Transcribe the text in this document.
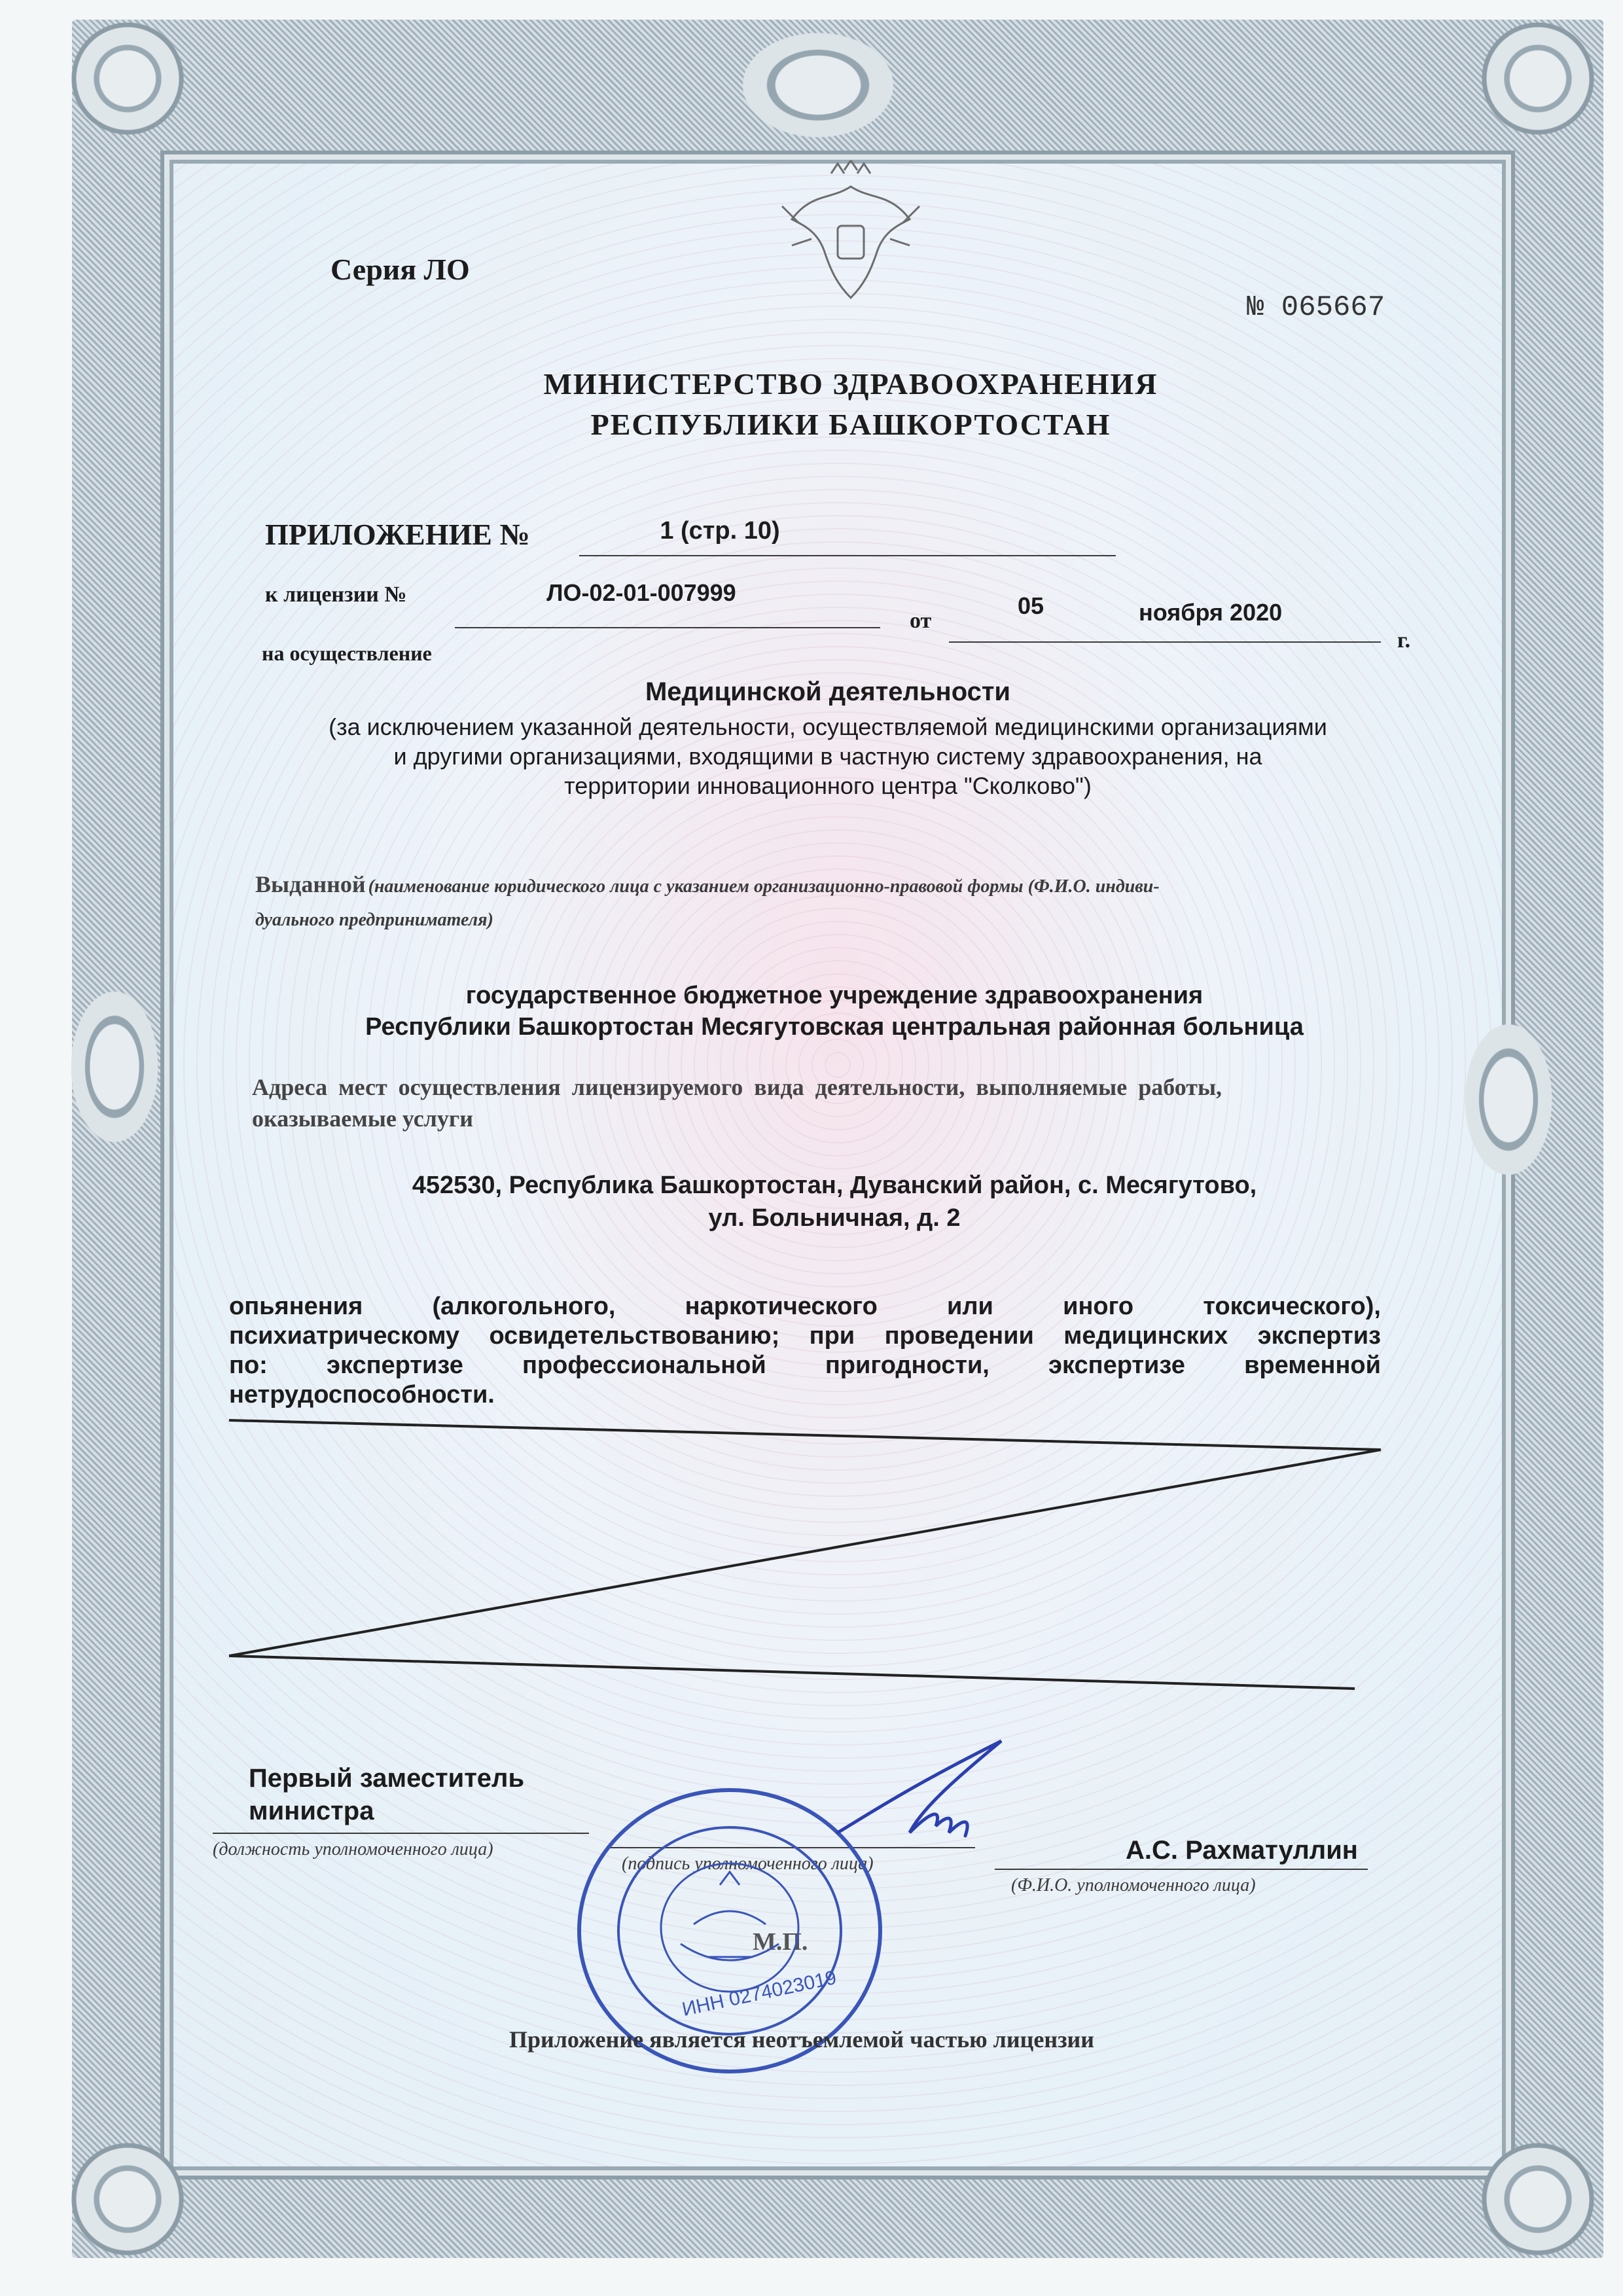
Серия ЛО
№ 065667
МИНИСТЕРСТВО ЗДРАВООХРАНЕНИЯ
РЕСПУБЛИКИ БАШКОРТОСТАН
ПРИЛОЖЕНИЕ №	1 (стр. 10)
к лицензии №	ЛО-02-01-007999
от
05	ноября 2020
г.
на осуществление
Медицинской деятельности
(за исключением указанной деятельности, осуществляемой медицинскими организациями
и другими организациями, входящими в частную систему здравоохранения, на
территории инновационного центра "Сколково")
Выданной (наименование юридического лица с указанием организационно-правовой формы (Ф.И.О. индиви-
дуального предпринимателя)
государственное бюджетное учреждение здравоохранения
Республики Башкортостан Месягутовская центральная районная больница
Адреса мест осуществления лицензируемого вида деятельности, выполняемые работы,
оказываемые услуги
452530, Республика Башкортостан, Дуванский район, с. Месягутово,
ул. Больничная, д. 2
опьянения	(алкогольного,	наркотического	или	иного	токсического),
психиатрическому освидетельствованию; при проведении медицинских экспертиз
по: экспертизе профессиональной пригодности, экспертизе временной
нетрудоспособности.
Первый заместитель
министра
(должность уполномоченного лица)
(подпись уполномоченного лица)	А.С. Рахматуллин
(Ф.И.О. уполномоченного лица)
М.П.
ИНН 0274023019
Приложение является неотъемлемой частью лицензии
